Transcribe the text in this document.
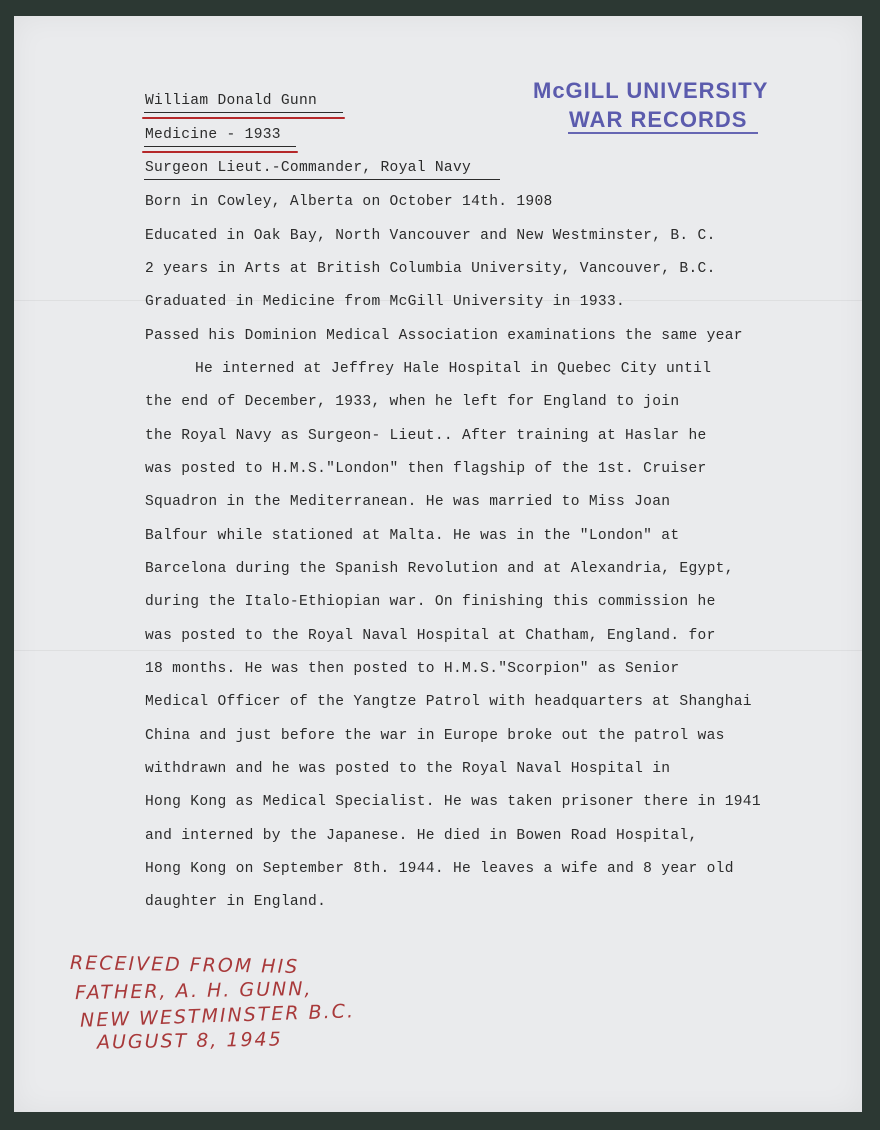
McGILL UNIVERSITY
WAR RECORDS
William Donald Gunn
Medicine - 1933
Surgeon Lieut.-Commander, Royal Navy
Born in Cowley, Alberta on October 14th. 1908
Educated in Oak Bay, North Vancouver and New Westminster, B. C.
2 years in Arts at British Columbia University, Vancouver, B.C.
Graduated in Medicine from McGill University in 1933.
Passed his Dominion Medical Association examinations the same year
He interned at Jeffrey Hale Hospital in Quebec City until
the end of December, 1933, when he left for England to join
the Royal Navy as Surgeon- Lieut.. After training at Haslar he
was posted to H.M.S."London" then flagship of the 1st. Cruiser
Squadron in the Mediterranean. He was married to Miss Joan
Balfour while stationed at Malta. He was in the "London" at
Barcelona during the Spanish Revolution and at Alexandria, Egypt,
during the Italo-Ethiopian war. On finishing this commission he
was posted to the Royal Naval Hospital at Chatham, England. for
18 months. He was then posted to H.M.S."Scorpion" as Senior
Medical Officer of the Yangtze Patrol with headquarters at Shanghai
China and just before the war in Europe broke out the patrol was
withdrawn and he was posted to the Royal Naval Hospital in
Hong Kong as Medical Specialist. He was taken prisoner there in 1941
and interned by the Japanese. He died in Bowen Road Hospital,
Hong Kong on September 8th. 1944. He leaves a wife and 8 year old
daughter in England.
RECEIVED FROM HIS
FATHER, A. H. GUNN,
NEW WESTMINSTER B.C.
AUGUST 8, 1945
